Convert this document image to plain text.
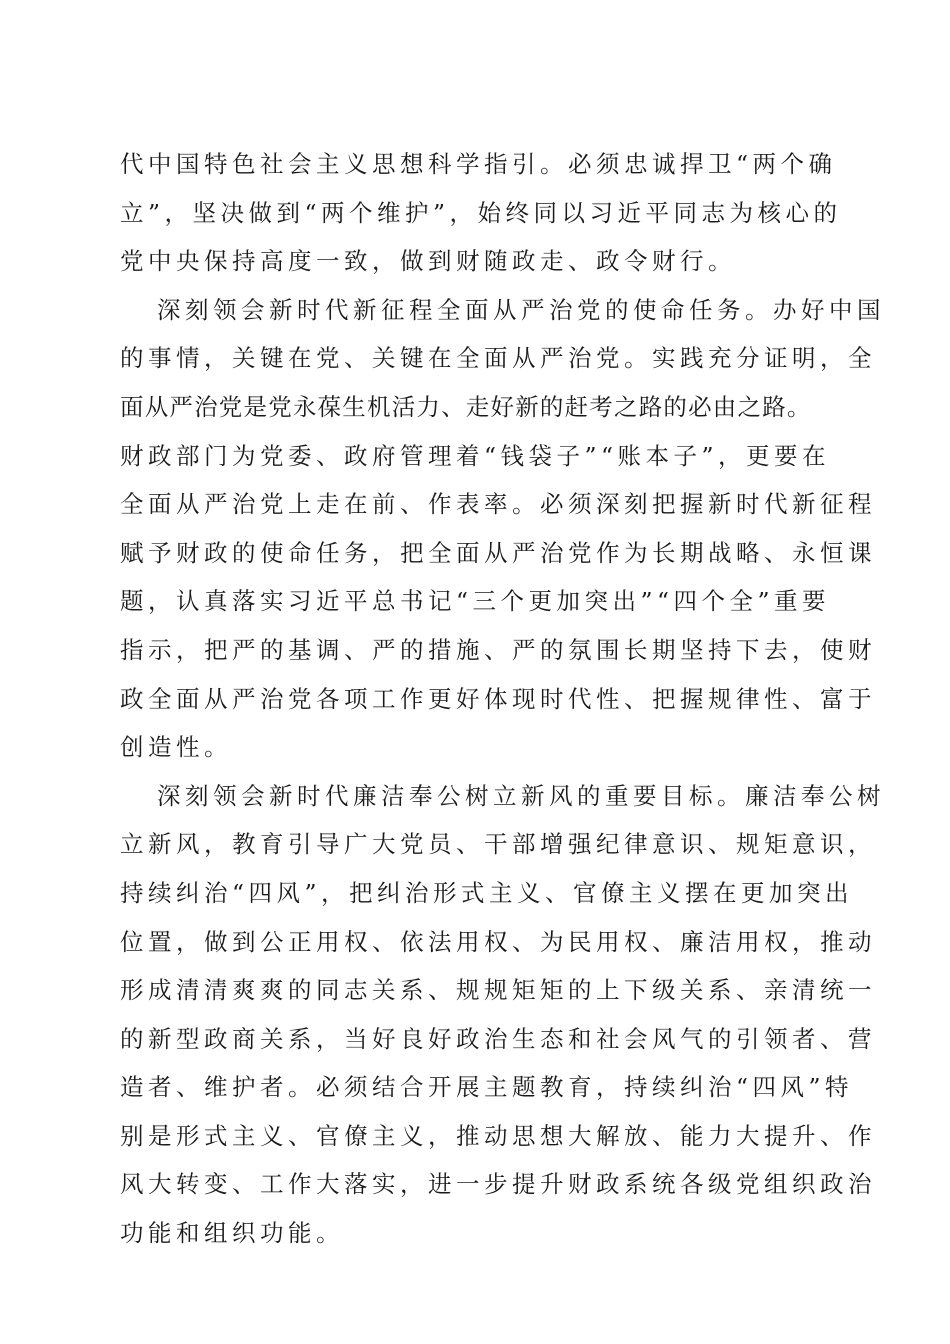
代中国特色社会主义思想科学指引。必须忠诚捍卫“两个确
立”，坚决做到“两个维护”，始终同以习近平同志为核心的
党中央保持高度一致，做到财随政走、政令财行。
深刻领会新时代新征程全面从严治党的使命任务。办好中国
的事情，关键在党、关键在全面从严治党。实践充分证明，全
面从严治党是党永葆生机活力、走好新的赶考之路的必由之路。
财政部门为党委、政府管理着“钱袋子”“账本子”，更要在
全面从严治党上走在前、作表率。必须深刻把握新时代新征程
赋予财政的使命任务，把全面从严治党作为长期战略、永恒课
题，认真落实习近平总书记“三个更加突出”“四个全”重要
指示，把严的基调、严的措施、严的氛围长期坚持下去，使财
政全面从严治党各项工作更好体现时代性、把握规律性、富于
创造性。
深刻领会新时代廉洁奉公树立新风的重要目标。廉洁奉公树
立新风，教育引导广大党员、干部增强纪律意识、规矩意识，
持续纠治“四风”，把纠治形式主义、官僚主义摆在更加突出
位置，做到公正用权、依法用权、为民用权、廉洁用权，推动
形成清清爽爽的同志关系、规规矩矩的上下级关系、亲清统一
的新型政商关系，当好良好政治生态和社会风气的引领者、营
造者、维护者。必须结合开展主题教育，持续纠治“四风”特
别是形式主义、官僚主义，推动思想大解放、能力大提升、作
风大转变、工作大落实，进一步提升财政系统各级党组织政治
功能和组织功能。
